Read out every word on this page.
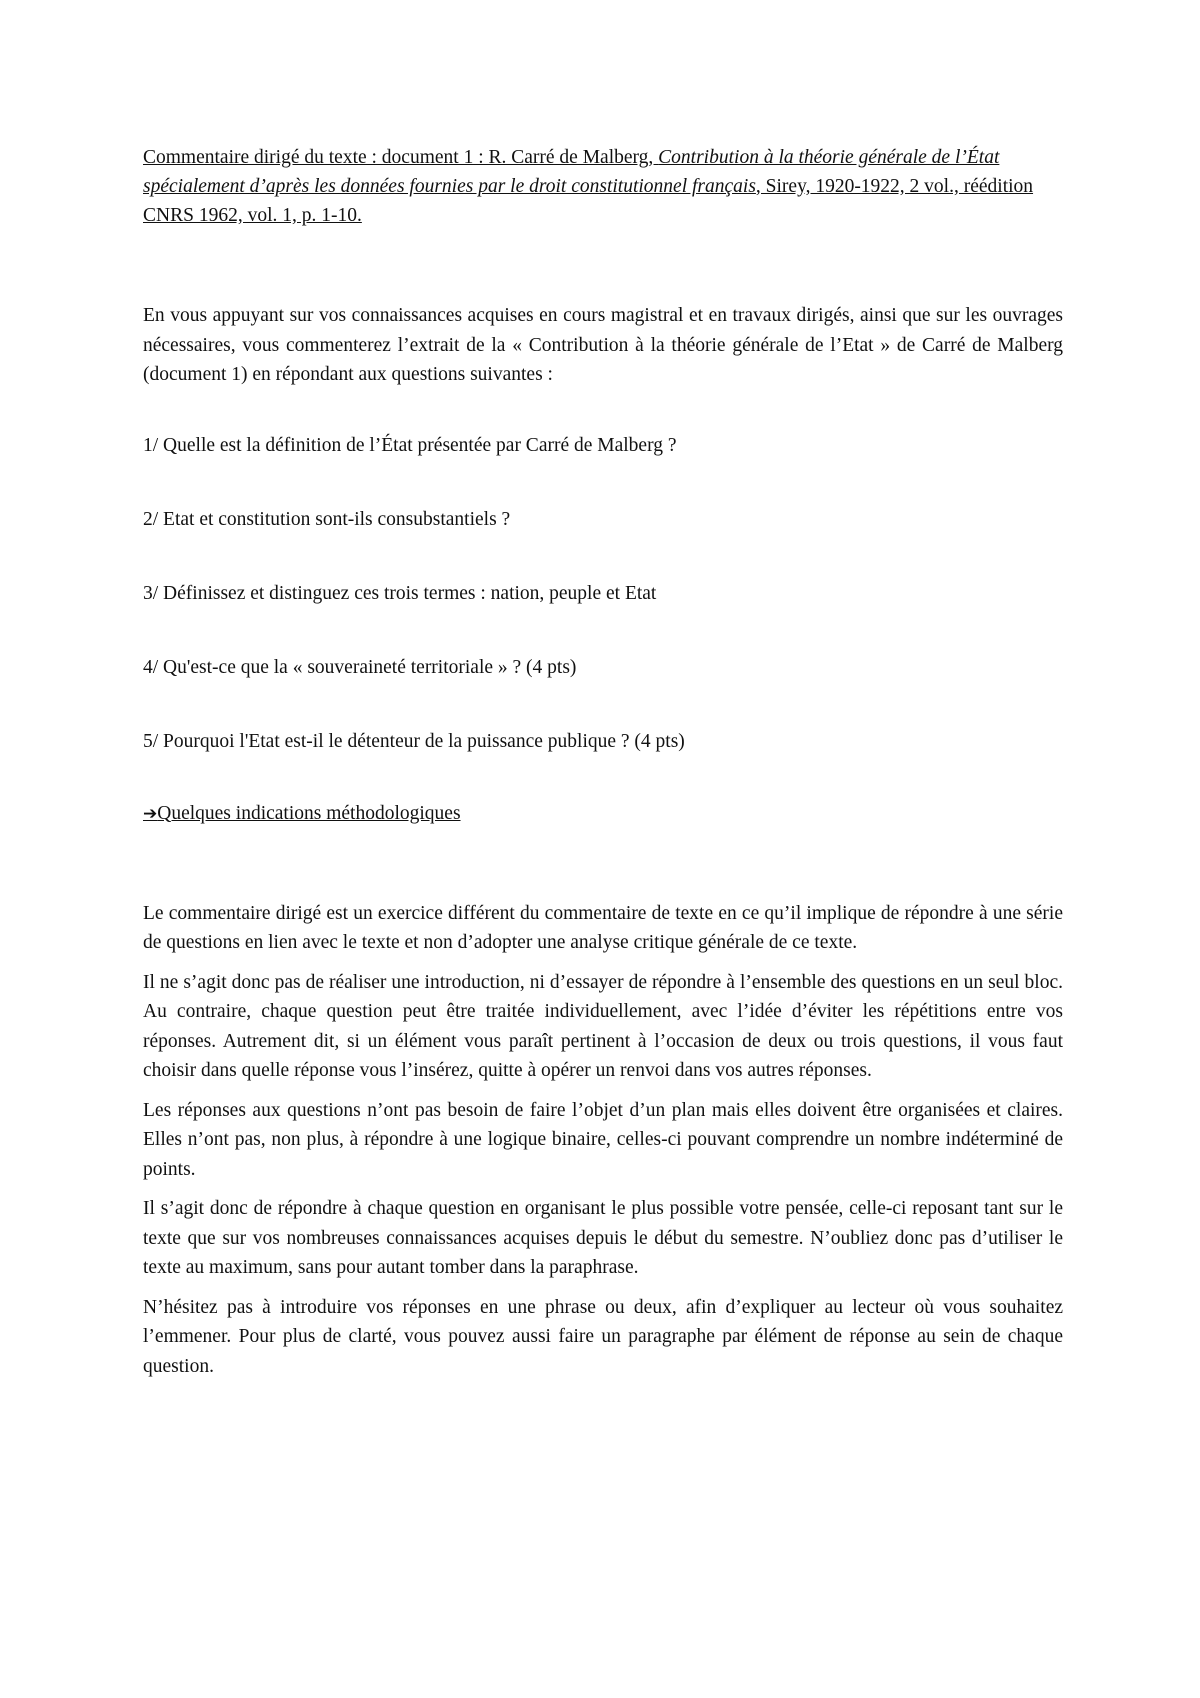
Commentaire dirigé du texte : document 1 : R. Carré de Malberg, Contribution à la théorie générale de l’État spécialement d’après les données fournies par le droit constitutionnel français, Sirey, 1920-1922, 2 vol., réédition CNRS 1962, vol. 1, p. 1-10.

En vous appuyant sur vos connaissances acquises en cours magistral et en travaux dirigés, ainsi que sur les ouvrages nécessaires, vous commenterez l’extrait de la « Contribution à la théorie générale de l’Etat » de Carré de Malberg (document 1) en répondant aux questions suivantes :

1/ Quelle est la définition de l’État présentée par Carré de Malberg ?

2/ Etat et constitution sont-ils consubstantiels ?

3/ Définissez et distinguez ces trois termes : nation, peuple et Etat

4/ Qu'est-ce que la « souveraineté territoriale » ? (4 pts)

5/ Pourquoi l'Etat est-il le détenteur de la puissance publique ? (4 pts)

➔Quelques indications méthodologiques

Le commentaire dirigé est un exercice différent du commentaire de texte en ce qu’il implique de répondre à une série de questions en lien avec le texte et non d’adopter une analyse critique générale de ce texte.

Il ne s’agit donc pas de réaliser une introduction, ni d’essayer de répondre à l’ensemble des questions en un seul bloc. Au contraire, chaque question peut être traitée individuellement, avec l’idée d’éviter les répétitions entre vos réponses. Autrement dit, si un élément vous paraît pertinent à l’occasion de deux ou trois questions, il vous faut choisir dans quelle réponse vous l’insérez, quitte à opérer un renvoi dans vos autres réponses.

Les réponses aux questions n’ont pas besoin de faire l’objet d’un plan mais elles doivent être organisées et claires. Elles n’ont pas, non plus, à répondre à une logique binaire, celles-ci pouvant comprendre un nombre indéterminé de points.

Il s’agit donc de répondre à chaque question en organisant le plus possible votre pensée, celle-ci reposant tant sur le texte que sur vos nombreuses connaissances acquises depuis le début du semestre. N’oubliez donc pas d’utiliser le texte au maximum, sans pour autant tomber dans la paraphrase.

N’hésitez pas à introduire vos réponses en une phrase ou deux, afin d’expliquer au lecteur où vous souhaitez l’emmener. Pour plus de clarté, vous pouvez aussi faire un paragraphe par élément de réponse au sein de chaque question.
